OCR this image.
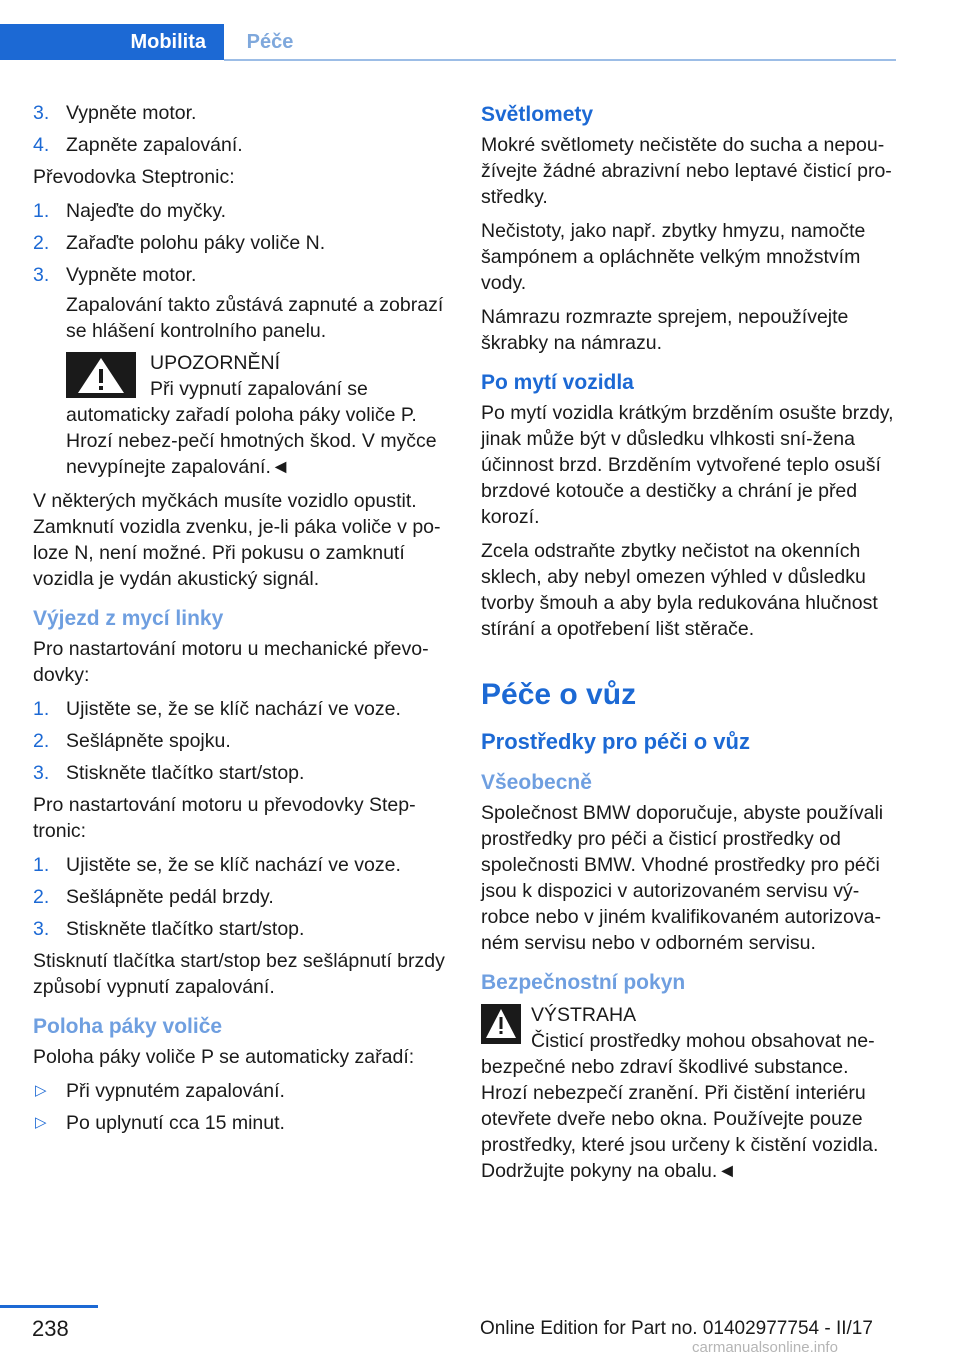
Mobilita	Péče
3. Vypněte motor.
4. Zapněte zapalování.

Převodovka Steptronic:

1. Najeďte do myčky.
2. Zařaďte polohu páky voliče N.
3. Vypněte motor.
Zapalování takto zůstává zapnuté a zobrazí se hlášení kontrolního panelu.
UPOZORNĚNÍ
Při vypnutí zapalování se automaticky zařadí poloha páky voliče P. Hrozí nebez‐pečí hmotných škod. V myčce nevypínejte zapalování.◄

V některých myčkách musíte vozidlo opustit. Zamknutí vozidla zvenku, je-li páka voliče v po‐loze N, není možné. Při pokusu o zamknutí vozidla je vydán akustický signál.

Výjezd z mycí linky

Pro nastartování motoru u mechanické převo‐dovky:

1. Ujistěte se, že se klíč nachází ve voze.
2. Sešlápněte spojku.
3. Stiskněte tlačítko start/stop.

Pro nastartování motoru u převodovky Step‐tronic:

1. Ujistěte se, že se klíč nachází ve voze.
2. Sešlápněte pedál brzdy.
3. Stiskněte tlačítko start/stop.

Stisknutí tlačítka start/stop bez sešlápnutí brzdy způsobí vypnutí zapalování.

Poloha páky voliče

Poloha páky voliče P se automaticky zařadí:

▷ Při vypnutém zapalování.
▷ Po uplynutí cca 15 minut.
Světlomety

Mokré světlomety nečistěte do sucha a nepou‐žívejte žádné abrazivní nebo leptavé čisticí pro‐středky.

Nečistoty, jako např. zbytky hmyzu, namočte šampónem a opláchněte velkým množstvím vody.

Námrazu rozmrazte sprejem, nepoužívejte škrabky na námrazu.

Po mytí vozidla

Po mytí vozidla krátkým brzděním osušte brzdy, jinak může být v důsledku vlhkosti sní‐žena účinnost brzd. Brzděním vytvořené teplo osuší brzdové kotouče a destičky a chrání je před korozí.

Zcela odstraňte zbytky nečistot na okenních sklech, aby nebyl omezen výhled v důsledku tvorby šmouh a aby byla redukována hlučnost stírání a opotřebení lišt stěrače.

Péče o vůz
Prostředky pro péči o vůz
Všeobecně

Společnost BMW doporučuje, abyste používali prostředky pro péči a čisticí prostředky od společnosti BMW. Vhodné prostředky pro péči jsou k dispozici v autorizovaném servisu vý‐robce nebo v jiném kvalifikovaném autorizova‐ném servisu nebo v odborném servisu.

Bezpečnostní pokyn
VÝSTRAHA
Čisticí prostředky mohou obsahovat ne‐bezpečné nebo zdraví škodlivé substance. Hrozí nebezpečí zranění. Při čistění interiéru otevřete dveře nebo okna. Používejte pouze prostředky, které jsou určeny k čistění vozidla. Dodržujte pokyny na obalu.◄
238	Online Edition for Part no. 01402977754 - II/17
carmanualsonline.info
